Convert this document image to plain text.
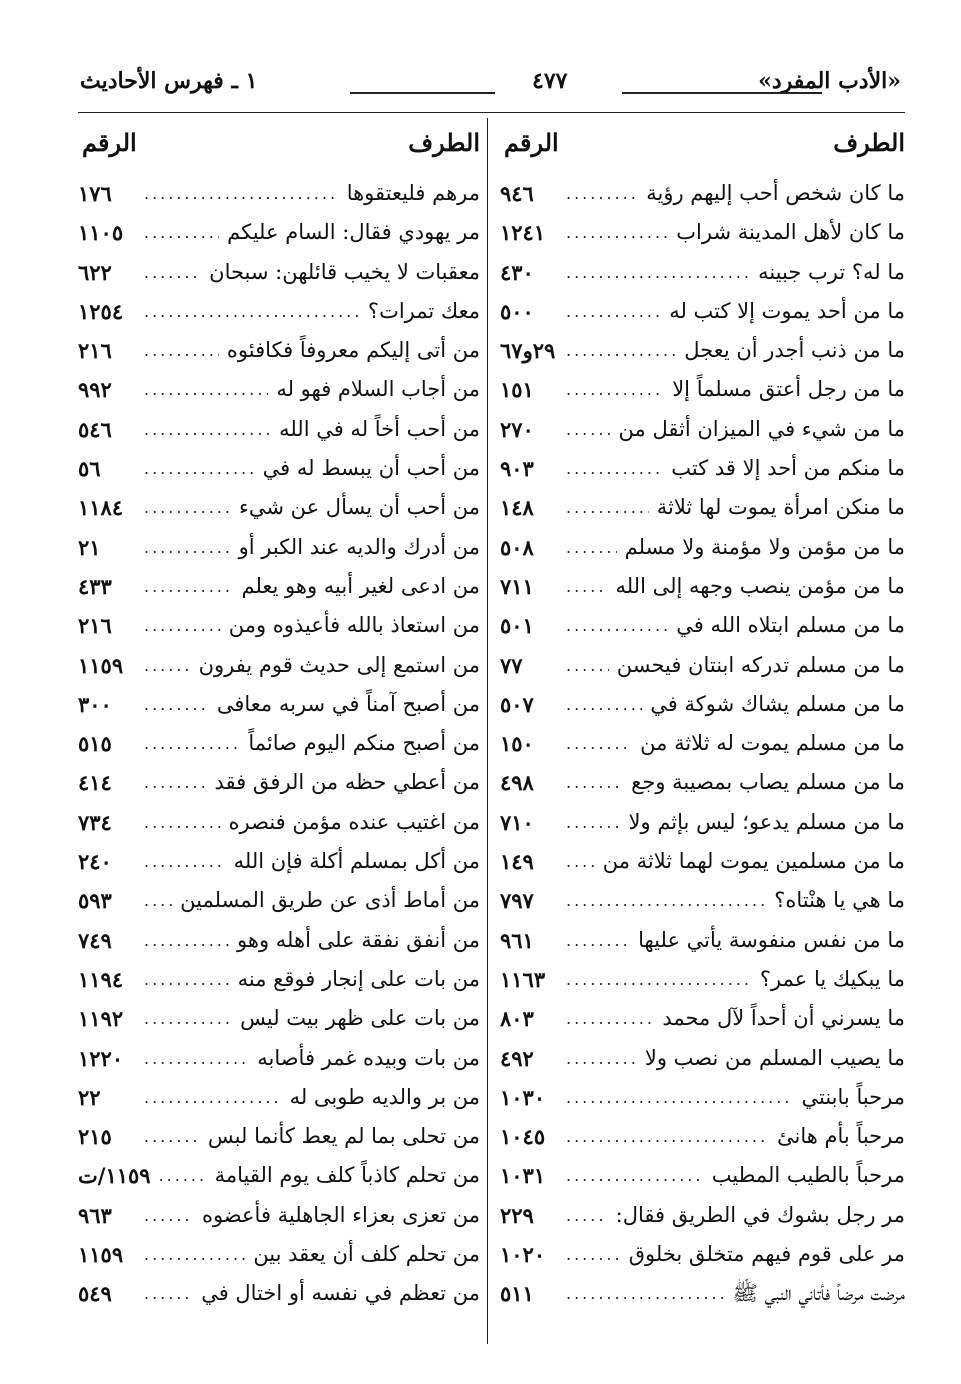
«الأدب المفرد»
٤٧٧
١ ـ فهرس الأحاديث
الطرف
الرقم
ما كان شخص أحب إليهم رؤية
.....
٩٤٦
ما كان لأهل المدينة شراب
.....
١٢٤١
ما له؟ ترب جبينه
.....
٤٣٠
ما من أحد يموت إلا كتب له
.....
٥٠٠
ما من ذنب أجدر أن يعجل
.....
٢٩و٦٧
ما من رجل أعتق مسلماً إلا
.....
١٥١
ما من شيء في الميزان أثقل من
.....
٢٧٠
ما منكم من أحد إلا قد كتب
.....
٩٠٣
ما منكن امرأة يموت لها ثلاثة
.....
١٤٨
ما من مؤمن ولا مؤمنة ولا مسلم
.....
٥٠٨
ما من مؤمن ينصب وجهه إلى الله
.....
٧١١
ما من مسلم ابتلاه الله في
.....
٥٠١
ما من مسلم تدركه ابنتان فيحسن
.....
٧٧
ما من مسلم يشاك شوكة في
.....
٥٠٧
ما من مسلم يموت له ثلاثة من
.....
١٥٠
ما من مسلم يصاب بمصيبة وجع
.....
٤٩٨
ما من مسلم يدعو؛ ليس بإثم ولا
.....
٧١٠
ما من مسلمين يموت لهما ثلاثة من
.....
١٤٩
ما هي يا هنْتاه؟
.....
٧٩٧
ما من نفس منفوسة يأتي عليها
.....
٩٦١
ما يبكيك يا عمر؟
.....
١١٦٣
ما يسرني أن أحداً لآل محمد
.....
٨٠٣
ما يصيب المسلم من نصب ولا
.....
٤٩٢
مرحباً بابنتي
.....
١٠٣٠
مرحباً بأم هانئ
.....
١٠٤٥
مرحباً بالطيب المطيب
.....
١٠٣١
مر رجل بشوك في الطريق فقال:
.....
٢٢٩
مر على قوم فيهم متخلق بخلوق
.....
١٠٢٠
مرضت مرضاً فأتاني النبي ﷺ
.....
٥١١
الطرف
الرقم
مرهم فليعتقوها
.....
١٧٦
مر يهودي فقال: السام عليكم
.....
١١٠٥
معقبات لا يخيب قائلهن: سبحان
.....
٦٢٢
معك تمرات؟
.....
١٢٥٤
من أتى إليكم معروفاً فكافئوه
.....
٢١٦
من أجاب السلام فهو له
.....
٩٩٢
من أحب أخاً له في الله
.....
٥٤٦
من أحب أن يبسط له في
.....
٥٦
من أحب أن يسأل عن شيء
.....
١١٨٤
من أدرك والديه عند الكبر أو
.....
٢١
من ادعى لغير أبيه وهو يعلم
.....
٤٣٣
من استعاذ بالله فأعيذوه ومن
.....
٢١٦
من استمع إلى حديث قوم يفرون
.....
١١٥٩
من أصبح آمناً في سربه معافى
.....
٣٠٠
من أصبح منكم اليوم صائماً
.....
٥١٥
من أعطي حظه من الرفق فقد
.....
٤١٤
من اغتيب عنده مؤمن فنصره
.....
٧٣٤
من أكل بمسلم أكلة فإن الله
.....
٢٤٠
من أماط أذى عن طريق المسلمين
.....
٥٩٣
من أنفق نفقة على أهله وهو
.....
٧٤٩
من بات على إنجار فوقع منه
.....
١١٩٤
من بات على ظهر بيت ليس
.....
١١٩٢
من بات وبيده غمر فأصابه
.....
١٢٢٠
من بر والديه طوبى له
.....
٢٢
من تحلى بما لم يعط كأنما لبس
.....
٢١٥
من تحلم كاذباً كلف يوم القيامة
.....
١١٥٩/ت
من تعزى بعزاء الجاهلية فأعضوه
.....
٩٦٣
من تحلم كلف أن يعقد بين
.....
١١٥٩
من تعظم في نفسه أو اختال في
.....
٥٤٩
